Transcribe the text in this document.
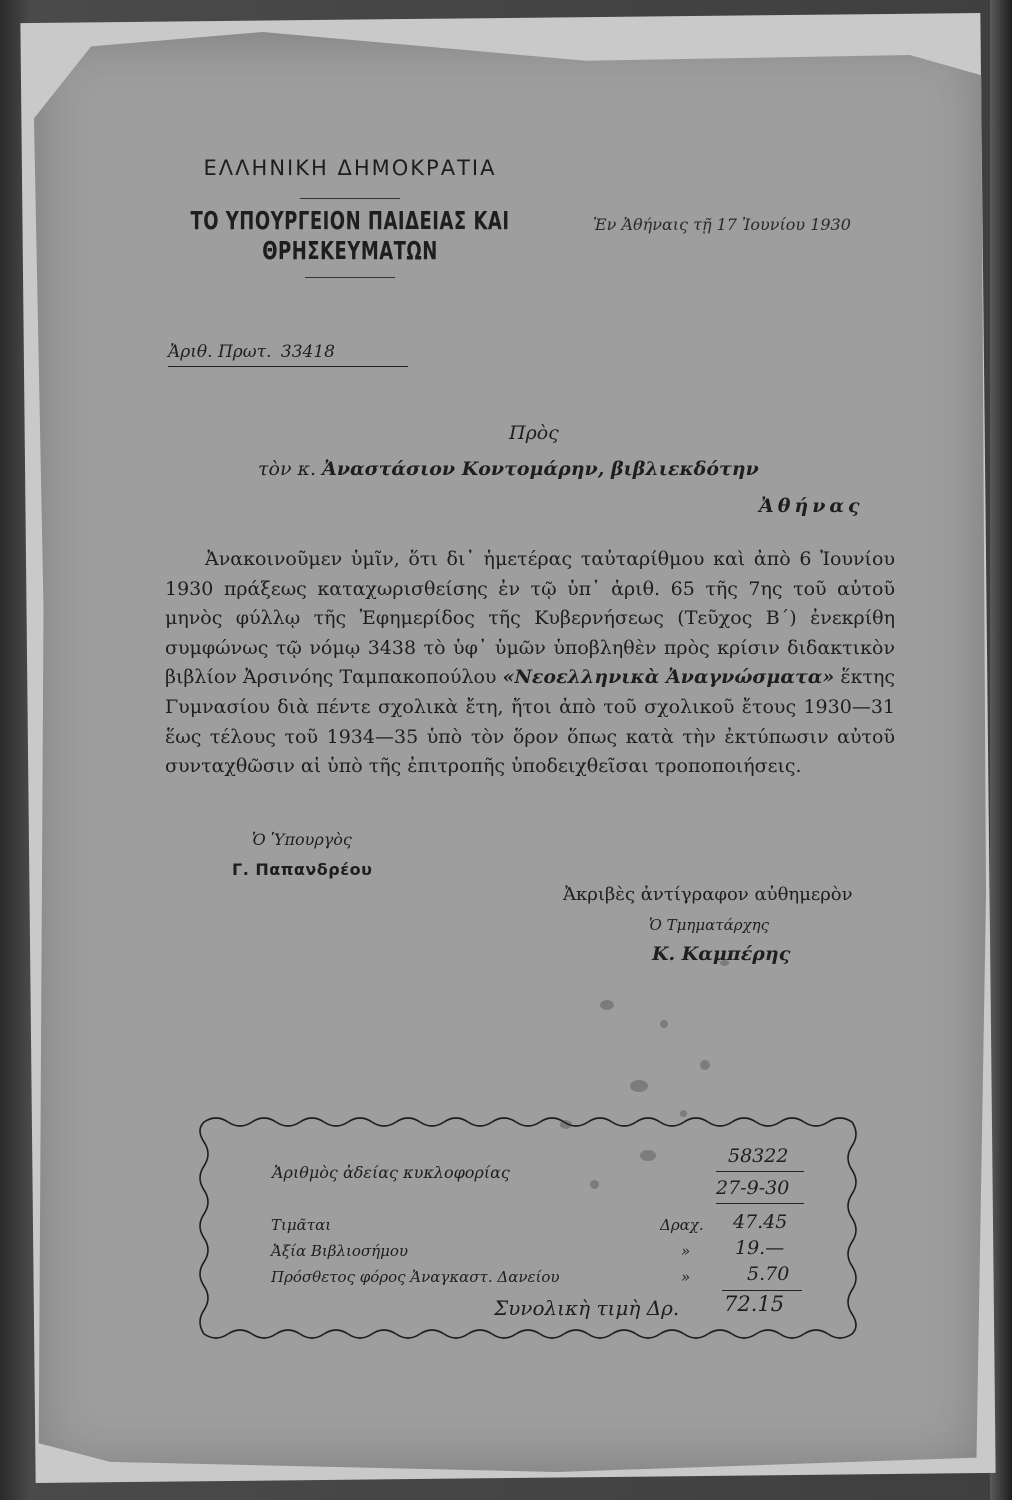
ΕΛΛΗΝΙΚΗ ΔΗΜΟΚΡΑΤΙΑ
ΤΟ ΥΠΟΥΡΓΕΙΟΝ ΠΑΙΔΕΙΑΣ ΚΑΙ ΘΡΗΣΚΕΥΜΑΤΩΝ
Ἐν Ἀθήναις τῇ 17 Ἰουνίου 1930
Ἀριθ. Πρωτ. 33418
Πρὸς
τὸν κ. Ἀναστάσιον Κοντομάρην, βιβλιεκδότην
Ἀθήνας
Ἀνακοινοῦμεν ὑμῖν, ὅτι δι᾿ ἡμετέρας ταὐταρίθμου καὶ ἀπὸ 6 Ἰουνίου 1930 πράξεως καταχωρισθείσης ἐν τῷ ὑπ᾿ ἀριθ. 65 τῆς 7ης τοῦ αὐτοῦ μηνὸς φύλλῳ τῆς Ἐφημερίδος τῆς Κυβερνήσεως (Τεῦχος Β΄) ἐνεκρίθη συμφώνως τῷ νόμῳ 3438 τὸ ὑφ᾿ ὑμῶν ὑποβληθὲν πρὸς κρίσιν διδακτικὸν βιβλίον Ἀρσινόης Ταμπακοπούλου «Νεοελληνικὰ Ἀναγνώσματα» ἕκτης Γυμνασίου διὰ πέντε σχολικὰ ἔτη, ἤτοι ἀπὸ τοῦ σχολικοῦ ἔτους 1930—31 ἕως τέλους τοῦ 1934—35 ὑπὸ τὸν ὅρον ὅπως κατὰ τὴν ἐκτύπωσιν αὐτοῦ συνταχθῶσιν αἱ ὑπὸ τῆς ἐπιτροπῆς ὑποδειχθεῖσαι τροποποιήσεις.
Ὁ Ὑπουργὸς
Γ. Παπανδρέου
Ἀκριβὲς ἀντίγραφον αὐθημερὸν
Ὁ Τμηματάρχης
Κ. Καμπέρης
Ἀριθμὸς ἀδείας κυκλοφορίας
58322
27-9-30
Τιμᾶται	Δραχ. 47.45
Ἀξία Βιβλιοσήμου	» 19.—
Πρόσθετος φόρος Ἀναγκαστ. Δανείου	»	5.70
Συνολικὴ τιμὴ Δρ. 72.15
